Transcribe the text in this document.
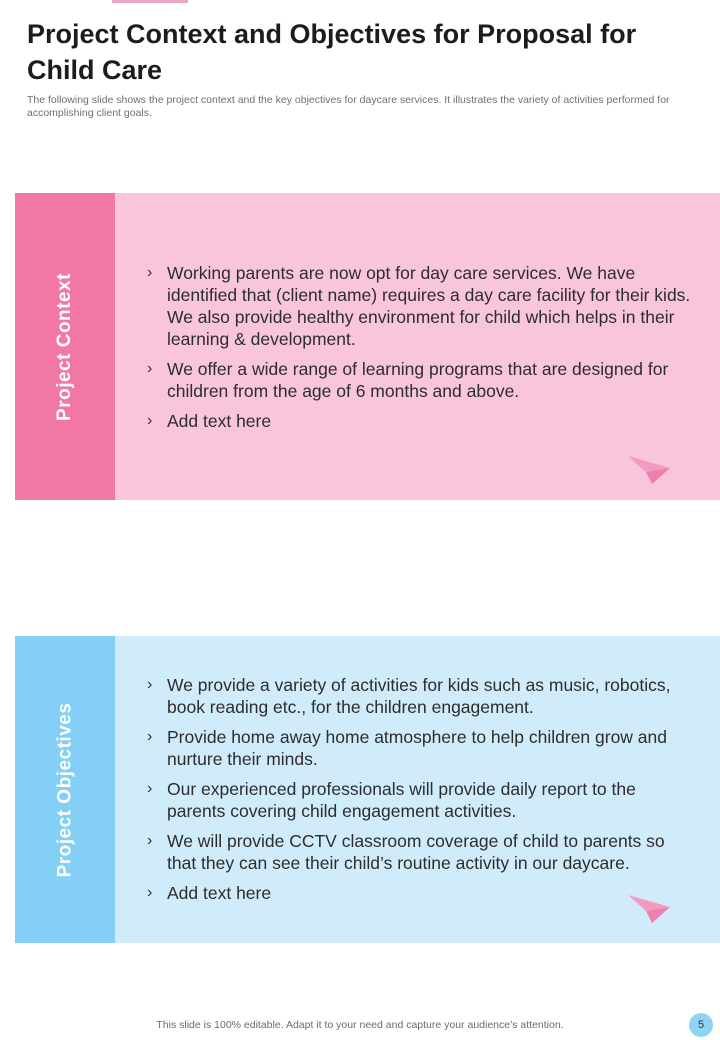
Project Context and Objectives for Proposal for Child Care

The following slide shows the project context and the key objectives for daycare services. It illustrates the variety of activities performed for accomplishing client goals.

Project Context
› Working parents are now opt for day care services. We have identified that (client name) requires a day care facility for their kids. We also provide healthy environment for child which helps in their learning & development.
› We offer a wide range of learning programs that are designed for children from the age of 6 months and above.
› Add text here
Project Objectives
› We provide a variety of activities for kids such as music, robotics, book reading etc., for the children engagement.
› Provide home away home atmosphere to help children grow and nurture their minds.
› Our experienced professionals will provide daily report to the parents covering child engagement activities.
› We will provide CCTV classroom coverage of child to parents so that they can see their child’s routine activity in our daycare.
› Add text here
This slide is 100% editable. Adapt it to your need and capture your audience’s attention.	5
